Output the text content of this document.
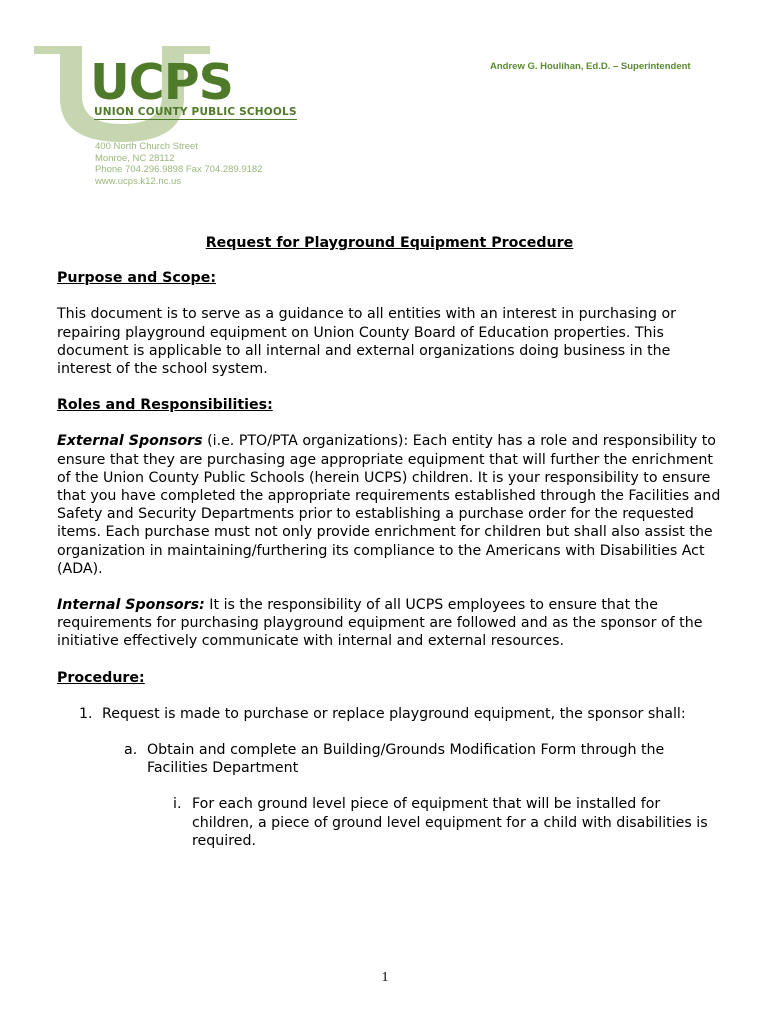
UCPS
UNION COUNTY PUBLIC SCHOOLS
Andrew G. Houlihan, Ed.D. – Superintendent
400 North Church Street
Monroe, NC 28112
Phone 704.296.9898 Fax 704.289.9182
www.ucps.k12.nc.us
Request for Playground Equipment Procedure
Purpose and Scope:

This document is to serve as a guidance to all entities with an interest in purchasing or repairing playground equipment on Union County Board of Education properties. This document is applicable to all internal and external organizations doing business in the interest of the school system.

Roles and Responsibilities:

External Sponsors (i.e. PTO/PTA organizations): Each entity has a role and responsibility to ensure that they are purchasing age appropriate equipment that will further the enrichment of the Union County Public Schools (herein UCPS) children. It is your responsibility to ensure that you have completed the appropriate requirements established through the Facilities and Safety and Security Departments prior to establishing a purchase order for the requested items. Each purchase must not only provide enrichment for children but shall also assist the organization in maintaining/furthering its compliance to the Americans with Disabilities Act (ADA).

Internal Sponsors: It is the responsibility of all UCPS employees to ensure that the requirements for purchasing playground equipment are followed and as the sponsor of the initiative effectively communicate with internal and external resources.

Procedure:
1. Request is made to purchase or replace playground equipment, the sponsor shall:
a. Obtain and complete an Building/Grounds Modification Form through the Facilities Department
i. For each ground level piece of equipment that will be installed for children, a piece of ground level equipment for a child with disabilities is required.
1
